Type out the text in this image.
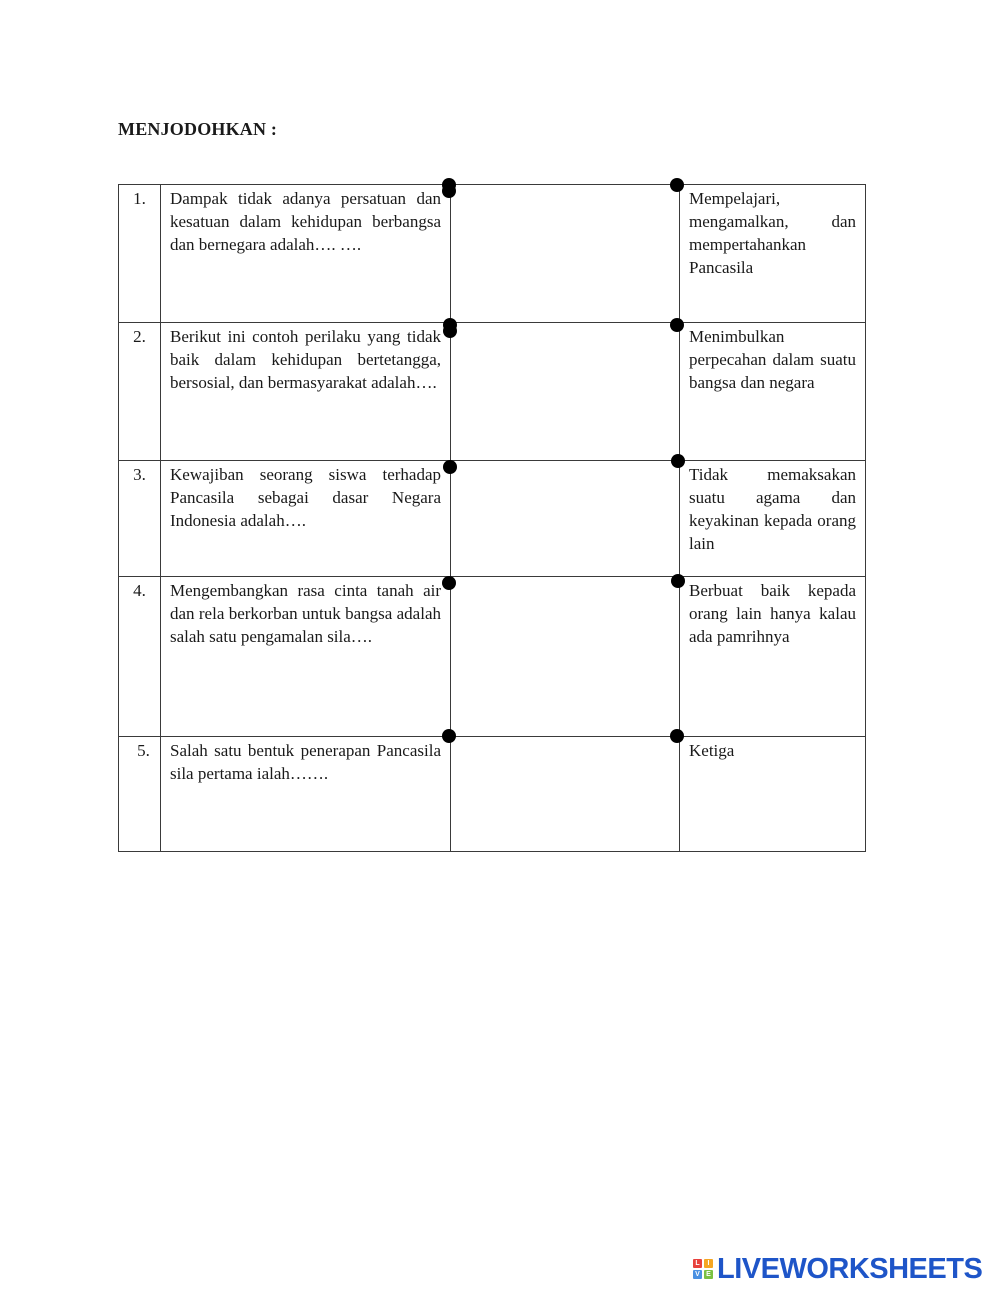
MENJODOHKAN :
1.	Dampak tidak adanya persatuan dan kesatuan dalam kehidupan berbangsa dan bernegara adalah…. ….		Mempelajari, mengamalkan, dan mempertahankan Pancasila

2.	Berikut ini contoh perilaku yang tidak baik dalam kehidupan bertetangga, bersosial, dan bermasyarakat adalah….		Menimbulkan perpecahan dalam suatu bangsa dan negara

3.	Kewajiban seorang siswa terhadap Pancasila sebagai dasar Negara Indonesia adalah….		Tidak memaksakan suatu agama dan keyakinan kepada orang lain

4.	Mengembangkan rasa cinta tanah air dan rela berkorban untuk bangsa adalah salah satu pengamalan sila….		Berbuat baik kepada orang lain hanya kalau ada pamrihnya

5.	Salah satu bentuk penerapan Pancasila sila pertama ialah…….		Ketiga
L	I
V E LIVEWORKSHEETS
